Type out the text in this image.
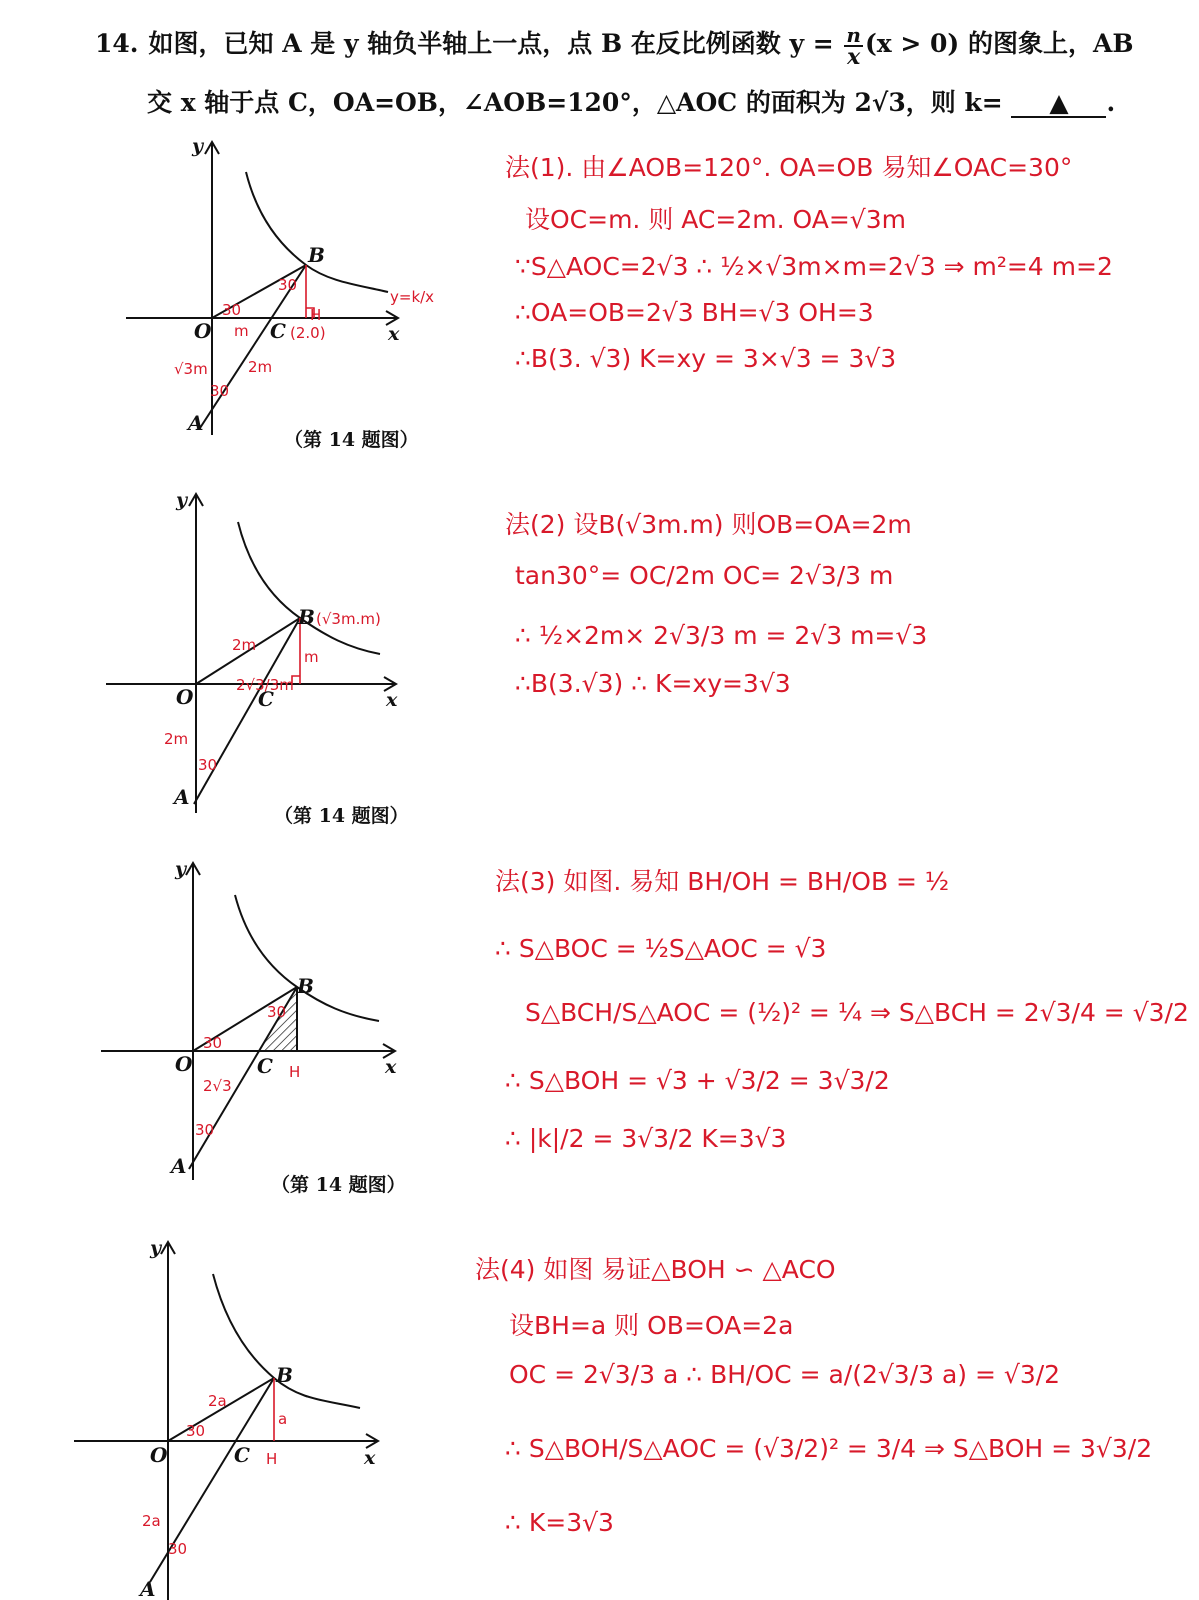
14. 如图，已知 A 是 y 轴负半轴上一点，点 B 在反比例函数 $y = \frac{n}{x} (x > 0)$ 的图象上，AB
交 x 轴于点 C，OA=OB，∠AOB=120°，△AOC 的面积为 2√3，则 k= ▲ .
y
x
O
A
B
C
y=k/x
(2.0)
H
m
√3m	2m
30
30
30
（第 14 题图）
法(1). 由∠AOB=120°. OA=OB 易知∠OAC=30°
设OC=m. 则 AC=2m. OA=√3m
∵S△AOC=2√3 ∴ ½×√3m×m=2√3 ⇒ m²=4 m=2
∴OA=OB=2√3 BH=√3 OH=3
∴B(3. √3) K=xy = 3×√3 = 3√3
y
x
O
A
B
C
(√3m.m)
2m
m
2m
2√3/3m
30
（第 14 题图）
法(2) 设B(√3m.m) 则OB=OA=2m
tan30°= OC/2m OC= 2√3/3 m
∴ ½×2m× 2√3/3 m = 2√3 m=√3
∴B(3.√3) ∴ K=xy=3√3
y
x
O
A
B
C H
2√3
30
30
30
（第 14 题图）
法(3) 如图. 易知 BH/OH = BH/OB = ½
∴ S△BOC = ½S△AOC = √3
S△BCH/S△AOC = (½)² = ¼ ⇒ S△BCH = 2√3/4 = √3/2
∴ S△BOH = √3 + √3/2 = 3√3/2
∴ |k|/2 = 3√3/2 K=3√3
y
x
O
A
B
C H
2a
a
2a
30
30
法(4) 如图 易证△BOH ∽ △ACO
设BH=a 则 OB=OA=2a
OC = 2√3/3 a ∴ BH/OC = a/(2√3/3 a) = √3/2
∴ S△BOH/S△AOC = (√3/2)² = 3/4 ⇒ S△BOH = 3√3/2
∴ K=3√3
